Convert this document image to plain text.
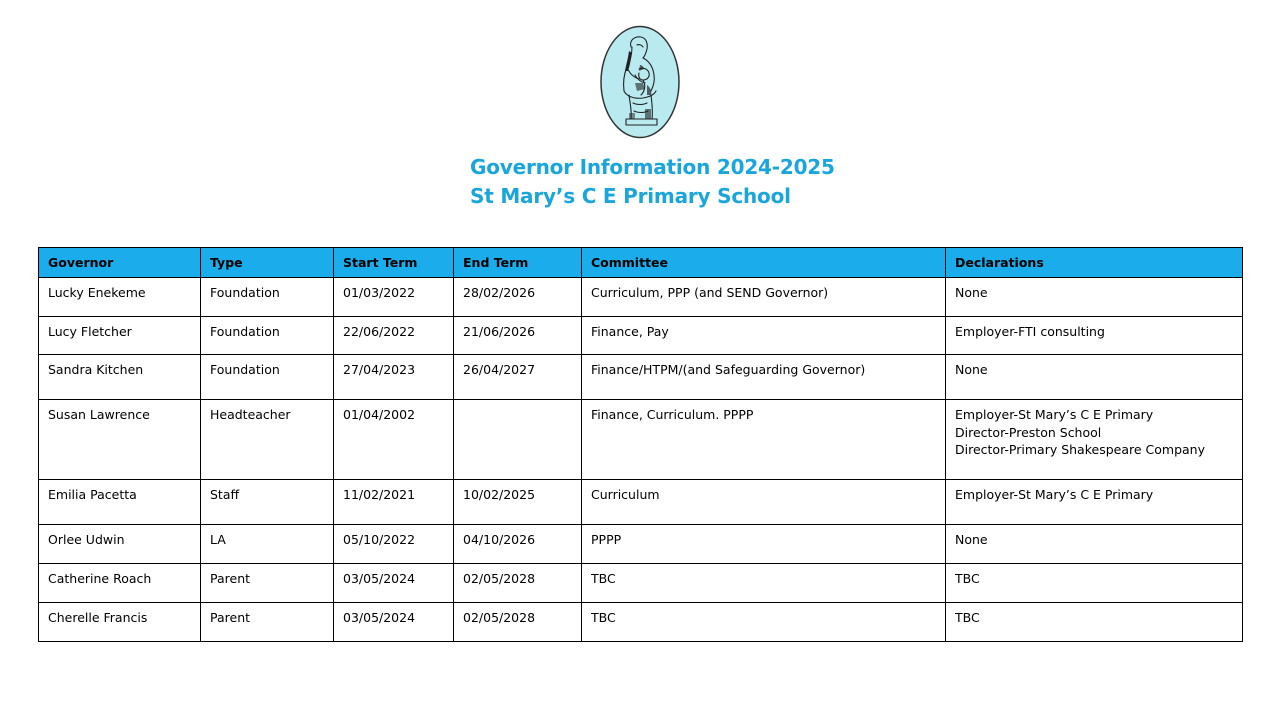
Governor Information 2024-2025
St Mary’s C E Primary School
Governor	Type	Start Term	End Term	Committee	Declarations
Lucky Enekeme	Foundation	01/03/2022	28/02/2026	Curriculum, PPP (and SEND Governor)	None

Lucy Fletcher	Foundation	22/06/2022	21/06/2026	Finance, Pay	Employer-FTI consulting

Sandra Kitchen	Foundation	27/04/2023	26/04/2027	Finance/HTPM/(and Safeguarding Governor)	None

Susan Lawrence	Headteacher	01/04/2002		Finance, Curriculum. PPPP	Employer-St Mary’s C E Primary
Director-Preston School
Director-Primary Shakespeare Company

Emilia Pacetta	Staff	11/02/2021	10/02/2025	Curriculum	Employer-St Mary’s C E Primary

Orlee Udwin	LA	05/10/2022	04/10/2026	PPPP	None

Catherine Roach	Parent	03/05/2024	02/05/2028	TBC	TBC

Cherelle Francis	Parent	03/05/2024	02/05/2028	TBC	TBC
